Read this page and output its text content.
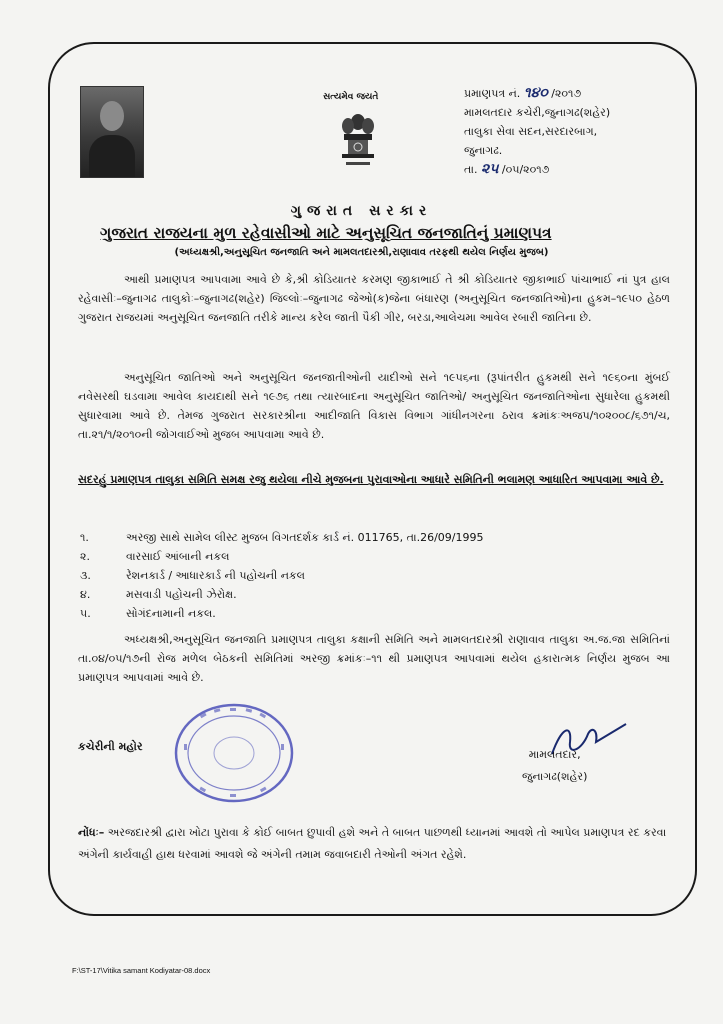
સત્યમેવ જયતે	પ્રમાણપત્ર નં. ૧૪૦ /૨૦૧૭
મામલતદાર કચેરી,જુનાગઢ(શહેર)
તાલુકા સેવા સદન,સરદારબાગ,
જુનાગઢ.
તા. ૨૫ /૦૫/૨૦૧૭
ગુજરાત સરકાર
ગુજરાત રાજયના મુળ રહેવાસીઓ માટે અનુસૂચિત જનજાતિનું પ્રમાણપત્ર
(અધ્યક્ષશ્રી,અનુસૂચિત જનજાતિ અને મામલતદારશ્રી,રાણાવાવ તરફથી થયેલ નિર્ણય મુજબ)
આથી પ્રમાણપત્ર આપવામા આવે છે કે,શ્રી કોડિયાતર કરમણ જીકાભાઈ તે શ્રી કોડિયાતર જીકાભાઈ પાંચાભાઈ નાં પુત્ર હાલ રહેવાસીઃ–જુનાગઢ તાલુકોઃ–જુનાગઢ(શહેર) જિલ્લોઃ–જુનાગઢ જેઓ(ક)જેના બંધારણ (અનુસૂચિત જનજાતિઓ)ના હુકમ–૧૯૫૦ હેઠળ ગુજરાત રાજયમાં અનુસૂચિત જનજાતિ તરીકે માન્ય કરેલ જાતી પૈકી ગીર, બરડા,આલેચમા આવેલ રબારી જાતિના છે.
અનુસૂચિત જાતિઓ અને અનુસૂચિત જનજાતીઓની યાદીઓ સને ૧૯૫૬ના (રૂપાંતરીત હુકમથી સને ૧૯૬૦ના મુંબઈ નવેસરથી ઘડવામા આવેલ કાયદાથી સને ૧૯૭૬ તથા ત્યારબાદના અનુસૂચિત જાતિઓ/ અનુસૂચિત જનજાતિઓના સુધારેલા હુકમથી સુધારવામા આવે છે. તેમજ ગુજરાત સરકારશ્રીના આદીજાતિ વિકાસ વિભાગ ગાંધીનગરના ઠરાવ ક્રમાંકઃઅજપ/૧૦૨૦૦૮/૬૭૧/ચ, તા.૨૧/૧/૨૦૧૦ની જોગવાઈઓ મુજબ આપવામા આવે છે.
સદરહું પ્રમાણપત્ર તાલુકા સમિતિ સમક્ષ રજુ થયેલા નીચે મુજબના પુરાવાઓના આધારે સમિતિની ભલામણ આધારિત આપવામા આવે છે.
૧.	અરજી સાથે સામેલ લીસ્ટ મુજબ વિગતદર્શક કાર્ડ નં. 011765, તા.26/09/1995
૨.	વારસાઈ આંબાની નકલ
૩.	રેશનકાર્ડ / આધારકાર્ડ ની પહોચની નકલ
૪.	મસવાડી પહોચની ઝેરોક્ષ.
૫.	સોગંદનામાની નકલ.
અધ્યક્ષશ્રી,અનુસૂચિત જનજાતિ પ્રમાણપત્ર તાલુકા કક્ષાની સમિતિ અને મામલતદારશ્રી રાણાવાવ તાલુકા અ.જ.જા સમિતિનાં તા.૦૪/૦૫/૧૭ની રોજ મળેલ બેઠકની સમિતિમાં અરજી ક્રમાંકઃ–૧૧ થી પ્રમાણપત્ર આપવામાં થયેલ હકારાત્મક નિર્ણય મુજબ આ પ્રમાણપત્ર આપવામાં આવે છે.
કચેરીની મહોર
મામલતદાર,
જુનાગઢ(શહેર)
નોંધઃ– અરજદારશ્રી દ્વારા ખોટા પુરાવા કે કોઈ બાબત છુપાવી હશે અને તે બાબત પાછળથી ધ્યાનમાં આવશે તો આપેલ પ્રમાણપત્ર રદ કરવા અંગેની કાર્યવાહી હાથ ધરવામાં આવશે જે અંગેની તમામ જવાબદારી તેઓની અંગત રહેશે.
F:\ST-17\Vitika samant Kodiyatar-08.docx
